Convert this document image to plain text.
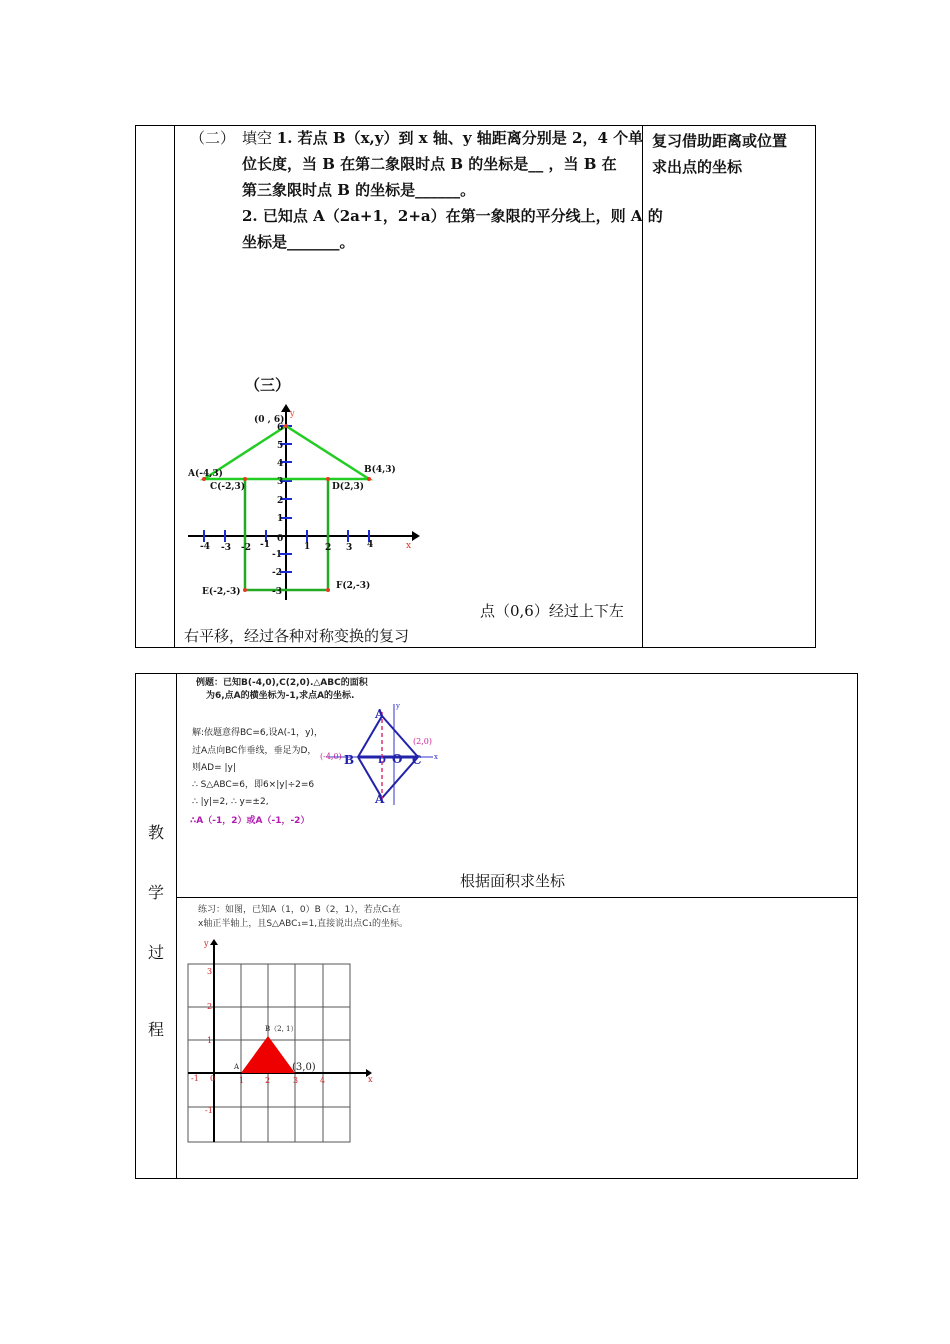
（二） 填空 1. 若点 B（x,y）到 x 轴、y 轴距离分别是 2，4 个单
位长度，当 B 在第二象限时点 B 的坐标是__ ，当 B 在
第三象限时点 B 的坐标是______。
2. 已知点 A（2a+1，2+a）在第一象限的平分线上，则 A 的
坐标是_______。
复习借助距离或位置
求出点的坐标
（三）
(0 , 6)
A(-4,3)	B(4,3)
C(-2,3)	D(2,3)
E(-2,-3)
F(2,-3)
-4 -3 -2 -1
0
1 2 3 4
6
5
4
3
2
1
-1
-2
-3
x
y
点（0,6）经过上下左
右平移，经过各种对称变换的复习
教
学
过
程
例题：已知B(-4,0),C(2,0).△ABC的面积
为6,点A的横坐标为-1,求点A的坐标.
解:依题意得BC=6,设A(-1，y)，
过A点向BC作垂线，垂足为D，
则AD= |y|
∴ S△ABC=6，即6×|y|÷2=6
∴ |y|=2, ∴ y=±2,
∴A（-1，2）或A（-1，-2）
A
A
B	C
D O
(-4,0)
(2,0)
y
x
根据面积求坐标
练习：如图，已知A（1，0）B（2，1），若点C₁在
x轴正半轴上，且S△ABC₁=1,直接说出点C₁的坐标。
-1 0	1	2	3	4
3
2
1
-1
x
y
B（2, 1）
A	(3,0)
